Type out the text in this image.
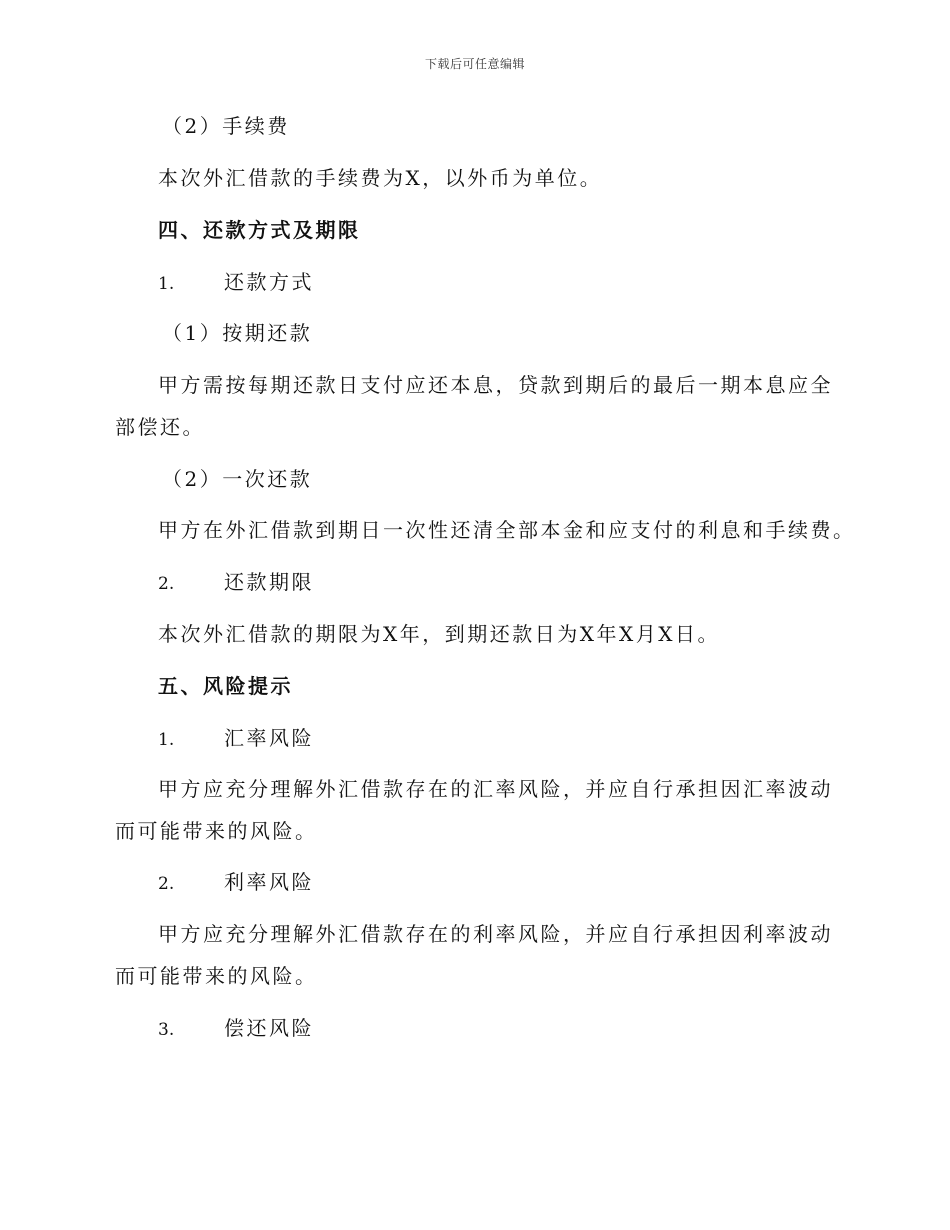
下载后可任意编辑
（2）手续费
本次外汇借款的手续费为X，以外币为单位。
四、还款方式及期限
1. 还款方式
（1）按期还款
甲方需按每期还款日支付应还本息，贷款到期后的最后一期本息应全部偿还。
（2）一次还款
甲方在外汇借款到期日一次性还清全部本金和应支付的利息和手续费。
2. 还款期限
本次外汇借款的期限为X年，到期还款日为X年X月X日。
五、风险提示
1. 汇率风险
甲方应充分理解外汇借款存在的汇率风险，并应自行承担因汇率波动而可能带来的风险。
2. 利率风险
甲方应充分理解外汇借款存在的利率风险，并应自行承担因利率波动而可能带来的风险。
3. 偿还风险
